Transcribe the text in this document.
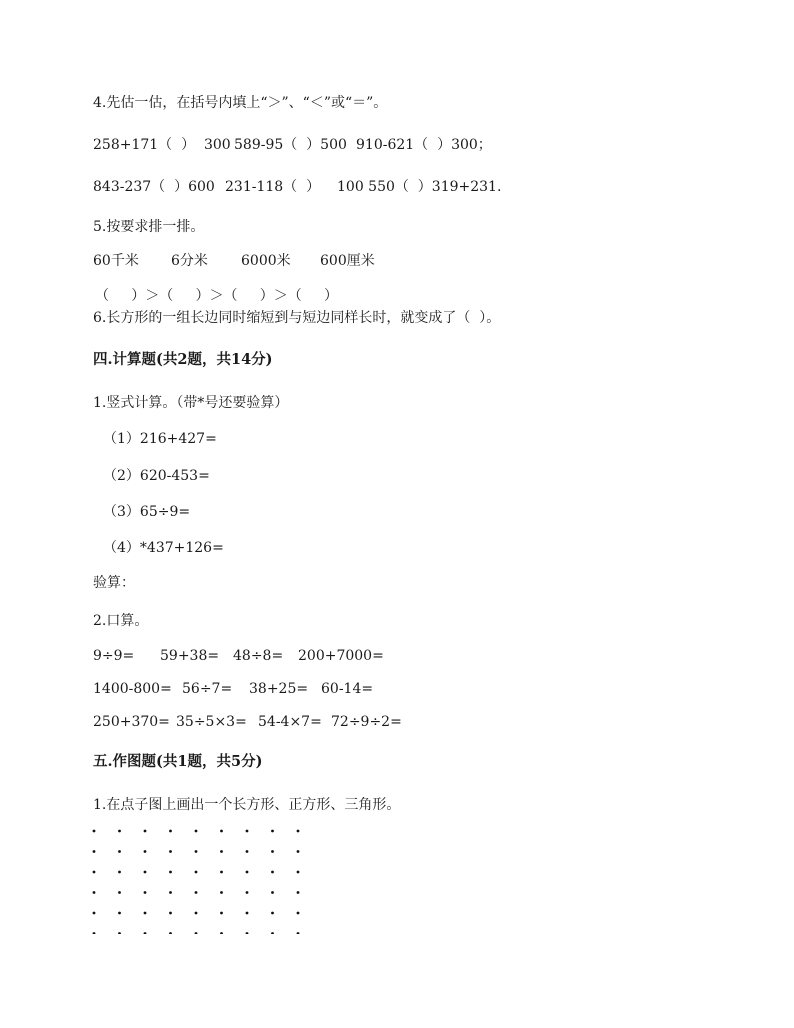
4.先估一估，在括号内填上“＞”、“＜”或“＝”。
258+171（  ）  300 589-95（  ）500 910-621（  ）300；
843-237（  ）600 231-118（  ） 100 550（  ）319+231.
5.按要求排一排。
60千米 6分米 6000米 600厘米
（     ）＞（     ）＞（     ）＞（     ）
6.长方形的一组长边同时缩短到与短边同样长时，就变成了（  ）。
四.计算题(共2题，共14分)
1.竖式计算。（带*号还要验算）
（1）216+427=
（2）620-453=
（3）65÷9=
（4）*437+126=
验算：
2.口算。
9÷9= 59+38= 48÷8= 200+7000=
1400-800= 56÷7= 38+25= 60-14=
250+370= 35÷5×3= 54-4×7= 72÷9÷2=
五.作图题(共1题，共5分)
1.在点子图上画出一个长方形、正方形、三角形。
